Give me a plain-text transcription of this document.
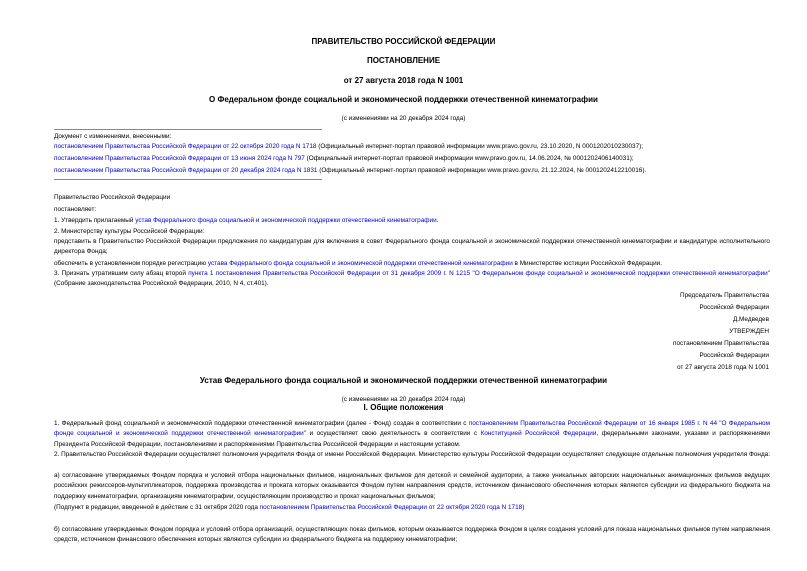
ПРАВИТЕЛЬСТВО РОССИЙСКОЙ ФЕДЕРАЦИИ
ПОСТАНОВЛЕНИЕ
от 27 августа 2018 года N 1001
О Федеральном фонде социальной и экономической поддержки отечественной кинематографии
(с изменениями на 20 декабря 2024 года)
Документ с изменениями, внесенными:
постановлением Правительства Российской Федерации от 22 октября 2020 года N 1718 (Официальный интернет-портал правовой информации www.pravo.gov.ru, 23.10.2020, N 0001202010230037);
постановлением Правительства Российской Федерации от 13 июня 2024 года N 797 (Официальный интернет-портал правовой информации www.pravo.gov.ru, 14.06.2024, № 0001202406140031);
постановлением Правительства Российской Федерации от 20 декабря 2024 года N 1831 (Официальный интернет-портал правовой информации www.pravo.gov.ru, 21.12.2024, № 0001202412210016).
Правительство Российской Федерации
постановляет:
1. Утвердить прилагаемый устав Федерального фонда социальной и экономической поддержки отечественной кинематографии.
2. Министерству культуры Российской Федерации:
представить в Правительство Российской Федерации предложения по кандидатурам для включения в совет Федерального фонда социальной и экономической поддержки отечественной кинематографии и кандидатуре исполнительного директора Фонда;
обеспечить в установленном порядке регистрацию устава Федерального фонда социальной и экономической поддержки отечественной кинематографии в Министерстве юстиции Российской Федерации.
3. Признать утратившим силу абзац второй пункта 1 постановления Правительства Российской Федерации от 31 декабря 2009 г. N 1215 "О Федеральном фонде социальной и экономической поддержки отечественной кинематографии" (Собрание законодательства Российской Федерации, 2010, N 4, ст.401).
Председатель Правительства
Российской Федерации
Д.Медведев
УТВЕРЖДЕН
постановлением Правительства
Российской Федерации
от 27 августа 2018 года N 1001
Устав Федерального фонда социальной и экономической поддержки отечественной кинематографии
(с изменениями на 20 декабря 2024 года)
I. Общие положения
1. Федеральный фонд социальной и экономической поддержки отечественной кинематографии (далее - Фонд) создан в соответствии с постановлением Правительства Российской Федерации от 16 января 1985 г. N 44 "О Федеральном фонде социальной и экономической поддержки отечественной кинематографии" и осуществляет свою деятельность в соответствии с Конституцией Российской Федерации, федеральными законами, указами и распоряжениями Президента Российской Федерации, постановлениями и распоряжениями Правительства Российской Федерации и настоящим уставом.
2. Правительство Российской Федерации осуществляет полномочия учредителя Фонда от имени Российской Федерации. Министерство культуры Российской Федерации осуществляет следующие отдельные полномочия учредителя Фонда:
а) согласование утверждаемых Фондом порядка и условий отбора национальных фильмов, национальных фильмов для детской и семейной аудитории, а также уникальных авторских национальных анимационных фильмов ведущих российских режиссеров-мультипликаторов, поддержка производства и проката которых оказывается Фондом путем направления средств, источником финансового обеспечения которых являются субсидии из федерального бюджета на поддержку кинематографии, организациям кинематографии, осуществляющим производство и прокат национальных фильмов;
(Подпункт в редакции, введенной в действие с 31 октября 2020 года постановлением Правительства Российской Федерации от 22 октября 2020 года N 1718)
б) согласование утверждаемых Фондом порядка и условий отбора организаций, осуществляющих показ фильмов, которым оказывается поддержка Фондом в целях создания условий для показа национальных фильмов путем направления средств, источником финансового обеспечения которых являются субсидии из федерального бюджета на поддержку кинематографии;
